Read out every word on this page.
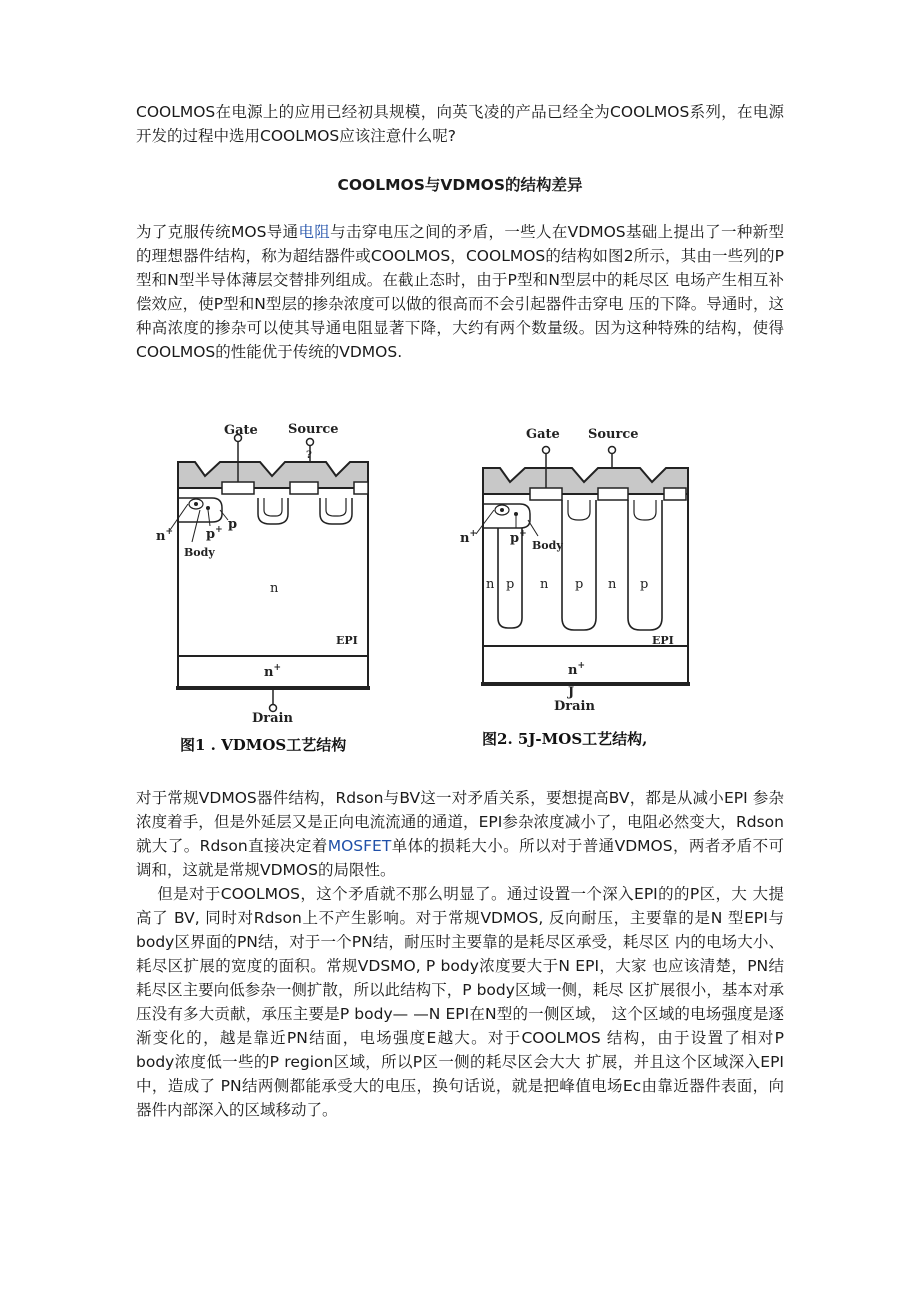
COOLMOS在电源上的应用已经初具规模，向英飞凌的产品已经全为COOLMOS系列，在电源开发的过程中选用COOLMOS应该注意什么呢?

COOLMOS与VDMOS的结构差异

为了克服传统MOS导通电阻与击穿电压之间的矛盾，一些人在VDMOS基础上提出了一种新型的理想器件结构，称为超结器件或COOLMOS，COOLMOS的结构如图2所示，其由一些列的P型和N型半导体薄层交替排列组成。在截止态时，由于P型和N型层中的耗尽区 电场产生相互补偿效应，使P型和N型层的掺杂浓度可以做的很高而不会引起器件击穿电 压的下降。导通时，这种高浓度的掺杂可以使其导通电阻显著下降，大约有两个数量级。因为这种特殊的结构，使得COOLMOS的性能优于传统的VDMOS.

Gate Source
?
n+	p+ p
Body
n
EPI
n+
Drain
Gate Source
n+	p+
Body
n p n p n p
EPI
n+
J
Drain
图1 . VDMOS工艺结构	图2. 5J-MOS工艺结构,

对于常规VDMOS器件结构，Rdson与BV这一对矛盾关系，要想提高BV，都是从减小EPI 参杂浓度着手，但是外延层又是正向电流流通的通道，EPI参杂浓度减小了，电阻必然变大，Rdson就大了。Rdson直接决定着MOSFET单体的损耗大小。所以对于普通VDMOS，两者矛盾不可调和，这就是常规VDMOS的局限性。

　 但是对于COOLMOS，这个矛盾就不那么明显了。通过设置一个深入EPI的的P区，大 大提高了 BV, 同时对Rdson上不产生影响。对于常规VDMOS, 反向耐压，主要靠的是N 型EPI与body区界面的PN结，对于一个PN结，耐压时主要靠的是耗尽区承受，耗尽区 内的电场大小、耗尽区扩展的宽度的面积。常规VDSMO, P body浓度要大于N EPI，大家 也应该清楚，PN结耗尽区主要向低参杂一侧扩散，所以此结构下，P body区域一侧，耗尽 区扩展很小，基本对承压没有多大贡献，承压主要是P body— —N EPI在N型的一侧区域， 这个区域的电场强度是逐渐变化的，越是靠近PN结面，电场强度E越大。对于COOLMOS 结构，由于设置了相对P body浓度低一些的P region区域，所以P区一侧的耗尽区会大大 扩展，并且这个区域深入EPI中，造成了 PN结两侧都能承受大的电压，换句话说，就是把峰值电场Ec由靠近器件表面，向器件内部深入的区域移动了。
